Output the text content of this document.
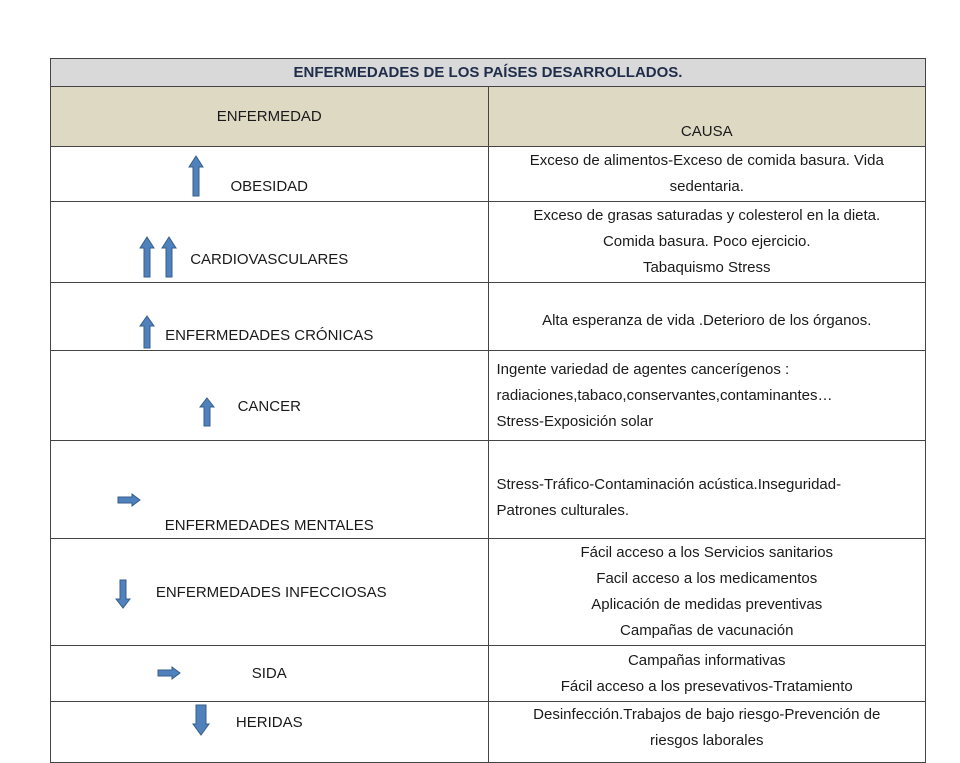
ENFERMEDADES DE LOS PAÍSES DESARROLLADOS.	
ENFERMEDAD	CAUSA

OBESIDAD	Exceso de alimentos-Exceso de comida basura. Vida
sedentaria.

CARDIOVASCULARES	Exceso de grasas saturadas y colesterol en la dieta.
Comida basura. Poco ejercicio.
Tabaquismo Stress

ENFERMEDADES CRÓNICAS	Alta esperanza de vida .Deterioro de los órganos.

CANCER	Ingente variedad de agentes cancerígenos :
radiaciones,tabaco,conservantes,contaminantes…
Stress-Exposición solar

ENFERMEDADES MENTALES	Stress-Tráfico-Contaminación acústica.Inseguridad-
Patrones culturales.

ENFERMEDADES INFECCIOSAS	Fácil acceso a los Servicios sanitarios
Facil acceso a los medicamentos
Aplicación de medidas preventivas
Campañas de vacunación

SIDA	Campañas informativas
Fácil acceso a los presevativos-Tratamiento

HERIDAS	Desinfección.Trabajos de bajo riesgo-Prevención de
riesgos laborales
